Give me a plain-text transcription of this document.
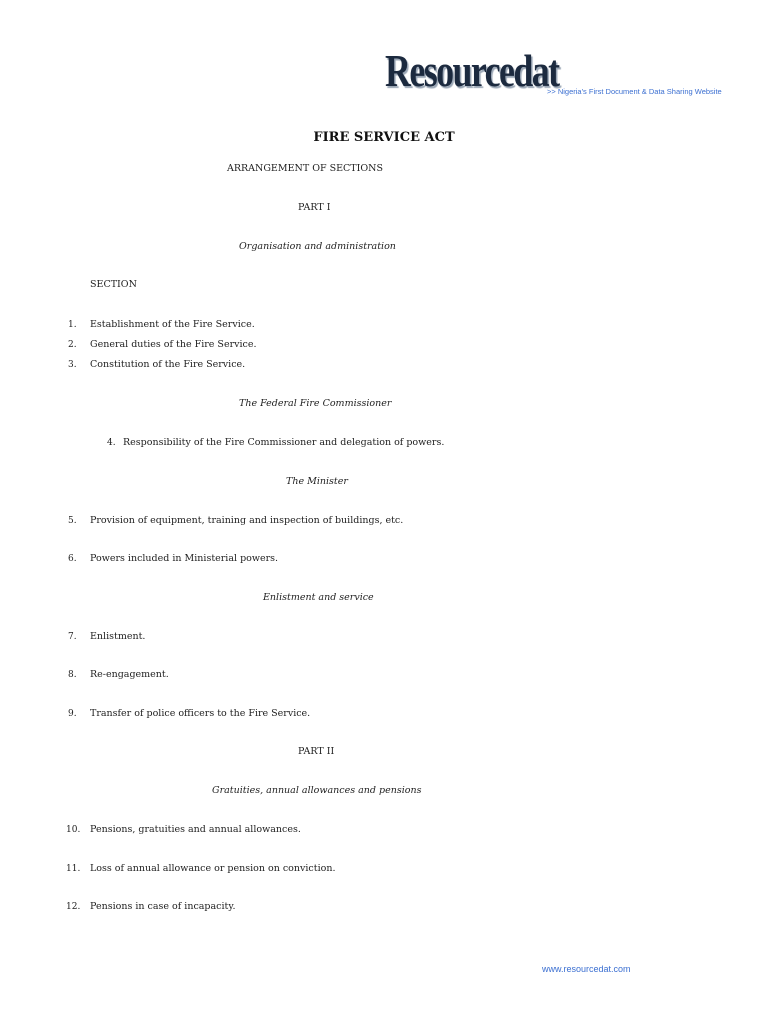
Resourcedat
>> Nigeria's First Document & Data Sharing Website
FIRE SERVICE ACT
ARRANGEMENT OF SECTIONS
PART I
Organisation and administration
SECTION
1. Establishment of the Fire Service.
2. General duties of the Fire Service.
3. Constitution of the Fire Service.
The Federal Fire Commissioner
4. Responsibility of the Fire Commissioner and delegation of powers.
The Minister
5. Provision of equipment, training and inspection of buildings, etc.
6. Powers included in Ministerial powers.
Enlistment and service
7. Enlistment.
8. Re-engagement.
9. Transfer of police officers to the Fire Service.
PART II
Gratuities, annual allowances and pensions
10. Pensions, gratuities and annual allowances.
11. Loss of annual allowance or pension on conviction.
12. Pensions in case of incapacity.
www.resourcedat.com
